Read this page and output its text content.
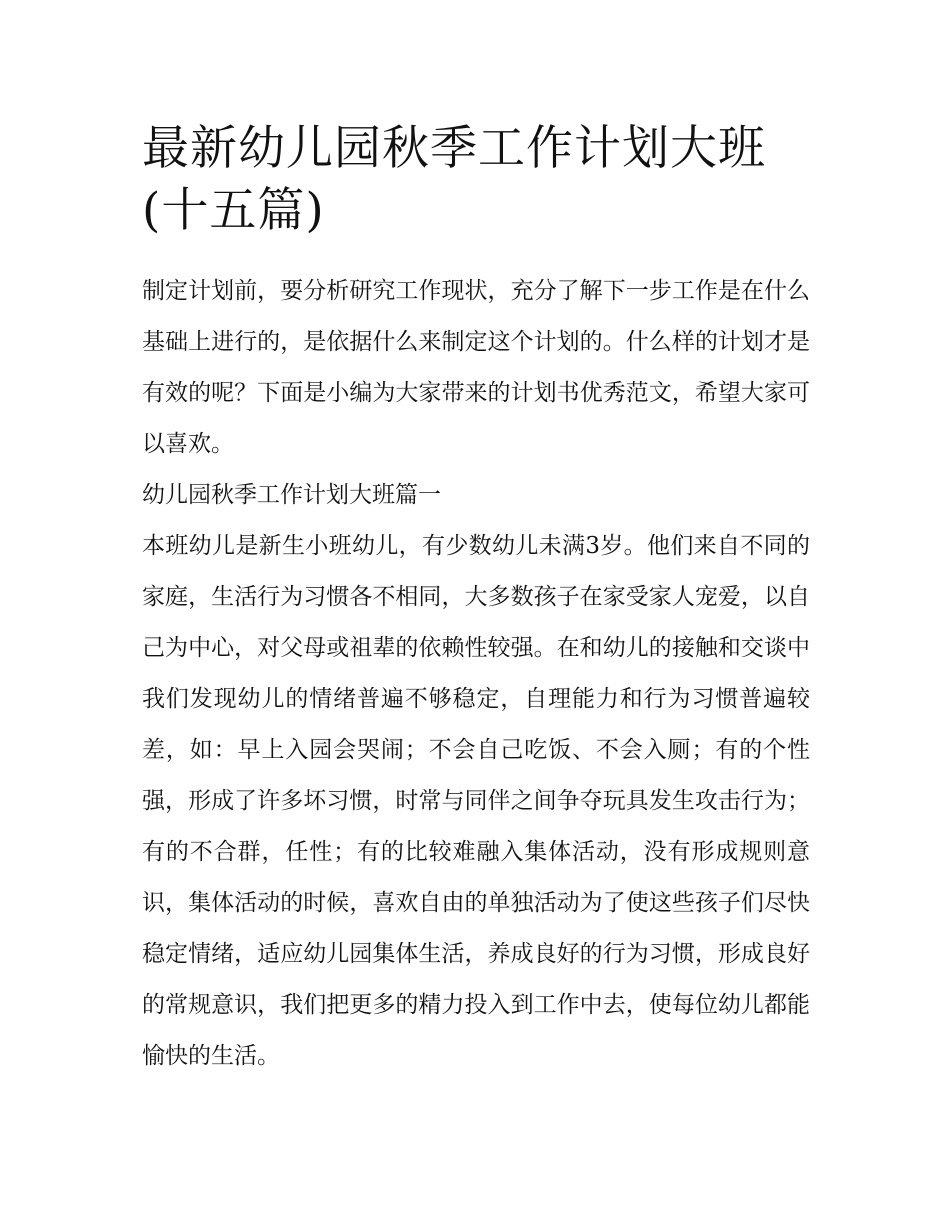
最新幼儿园秋季工作计划大班(十五篇)

制定计划前，要分析研究工作现状，充分了解下一步工作是在什么基础上进行的，是依据什么来制定这个计划的。什么样的计划才是有效的呢？下面是小编为大家带来的计划书优秀范文，希望大家可以喜欢。

幼儿园秋季工作计划大班篇一

本班幼儿是新生小班幼儿，有少数幼儿未满3岁。他们来自不同的家庭，生活行为习惯各不相同，大多数孩子在家受家人宠爱，以自己为中心，对父母或祖辈的依赖性较强。在和幼儿的接触和交谈中我们发现幼儿的情绪普遍不够稳定，自理能力和行为习惯普遍较差，如：早上入园会哭闹；不会自己吃饭、不会入厕；有的个性强，形成了许多坏习惯，时常与同伴之间争夺玩具发生攻击行为；有的不合群，任性；有的比较难融入集体活动，没有形成规则意识，集体活动的时候，喜欢自由的单独活动为了使这些孩子们尽快稳定情绪，适应幼儿园集体生活，养成良好的行为习惯，形成良好的常规意识，我们把更多的精力投入到工作中去，使每位幼儿都能愉快的生活。
